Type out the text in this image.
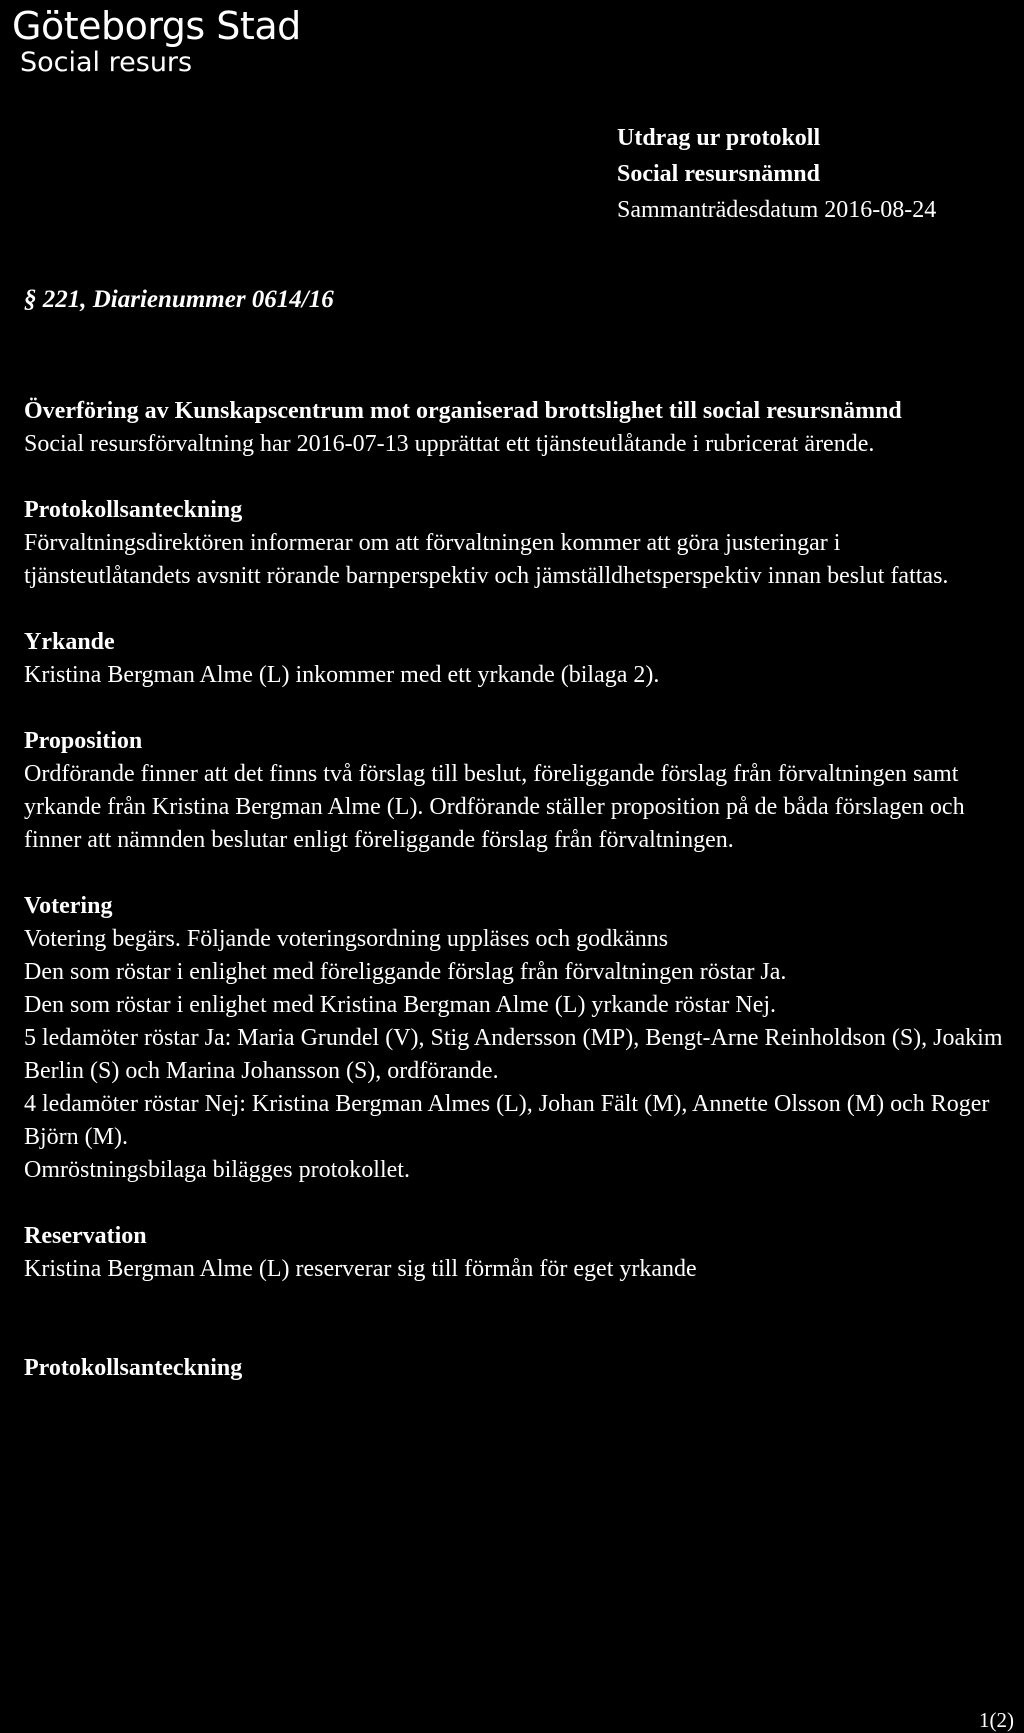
Göteborgs Stad
Social resurs
Utdrag ur protokoll
Social resursnämnd
Sammanträdesdatum 2016-08-24
§ 221, Diarienummer 0614/16
Överföring av Kunskapscentrum mot organiserad brottslighet till social resursnämnd

Social resursförvaltning har 2016-07-13 upprättat ett tjänsteutlåtande i rubricerat ärende.

Protokollsanteckning

Förvaltningsdirektören informerar om att förvaltningen kommer att göra justeringar i tjänsteutlåtandets avsnitt rörande barnperspektiv och jämställdhetsperspektiv innan beslut fattas.

Yrkande

Kristina Bergman Alme (L) inkommer med ett yrkande (bilaga 2).

Proposition

Ordförande finner att det finns två förslag till beslut, föreliggande förslag från förvaltningen samt yrkande från Kristina Bergman Alme (L). Ordförande ställer proposition på de båda förslagen och finner att nämnden beslutar enligt föreliggande förslag från förvaltningen.

Votering

Votering begärs. Följande voteringsordning uppläses och godkänns

Den som röstar i enlighet med föreliggande förslag från förvaltningen röstar Ja.

Den som röstar i enlighet med Kristina Bergman Alme (L) yrkande röstar Nej.

5 ledamöter röstar Ja: Maria Grundel (V), Stig Andersson (MP), Bengt-Arne Reinholdson (S), Joakim Berlin (S) och Marina Johansson (S), ordförande.

4 ledamöter röstar Nej: Kristina Bergman Almes (L), Johan Fält (M), Annette Olsson (M) och Roger Björn (M).

Omröstningsbilaga bilägges protokollet.

Reservation

Kristina Bergman Alme (L) reserverar sig till förmån för eget yrkande

Protokollsanteckning
1(2)
